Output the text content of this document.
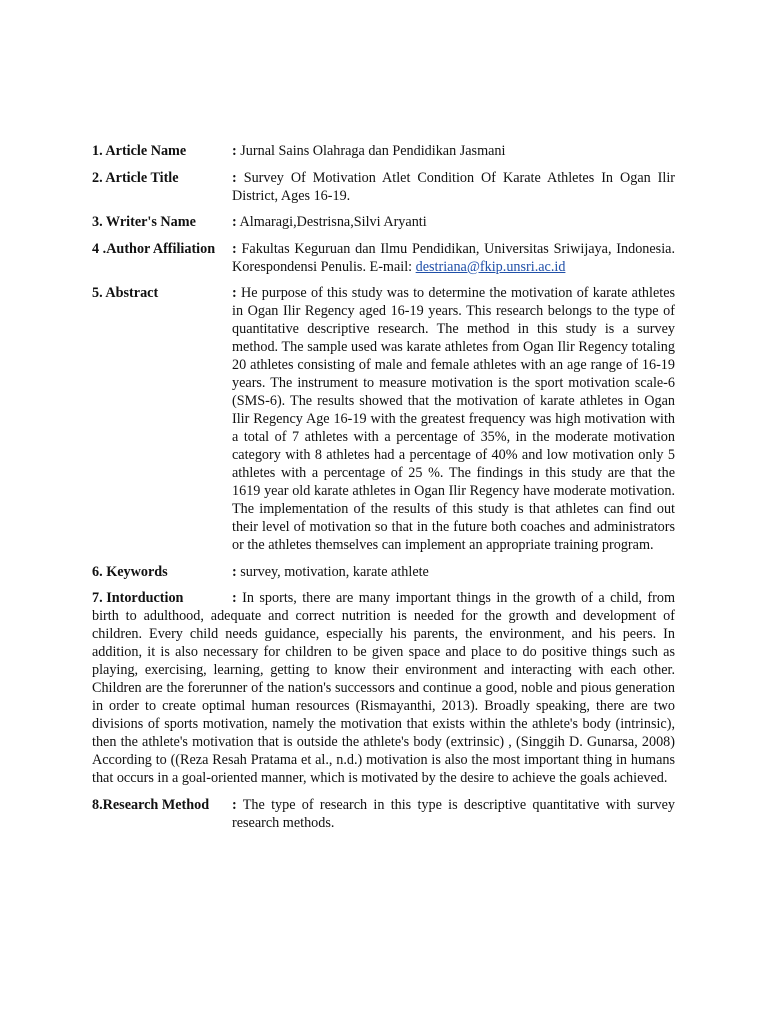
1. Article Name	: Jurnal Sains Olahraga dan Pendidikan Jasmani
2. Article Title	: Survey Of Motivation Atlet Condition Of Karate Athletes In Ogan Ilir District, Ages 16-19.
3. Writer's Name	: Almaragi,Destrisna,Silvi Aryanti
4 .Author Affiliation	: Fakultas Keguruan dan Ilmu Pendidikan, Universitas Sriwijaya, Indonesia. Korespondensi Penulis. E-mail: destriana@fkip.unsri.ac.id
5. Abstract	: He purpose of this study was to determine the motivation of karate athletes in Ogan Ilir Regency aged 16-19 years. This research belongs to the type of quantitative descriptive research. The method in this study is a survey method. The sample used was karate athletes from Ogan Ilir Regency totaling 20 athletes consisting of male and female athletes with an age range of 16-19 years. The instrument to measure motivation is the sport motivation scale-6 (SMS-6). The results showed that the motivation of karate athletes in Ogan Ilir Regency Age 16-19 with the greatest frequency was high motivation with a total of 7 athletes with a percentage of 35%, in the moderate motivation category with 8 athletes had a percentage of 40% and low motivation only 5 athletes with a percentage of 25 %. The findings in this study are that the 1619 year old karate athletes in Ogan Ilir Regency have moderate motivation. The implementation of the results of this study is that athletes can find out their level of motivation so that in the future both coaches and administrators or the athletes themselves can implement an appropriate training program.
6. Keywords	: survey, motivation, karate athlete
7. Intorduction	: In sports, there are many important things in the growth of a child, from birth to adulthood, adequate and correct nutrition is needed for the growth and development of children. Every child needs guidance, especially his parents, the environment, and his peers. In addition, it is also necessary for children to be given space and place to do positive things such as playing, exercising, learning, getting to know their environment and interacting with each other. Children are the forerunner of the nation's successors and continue a good, noble and pious generation in order to create optimal human resources (Rismayanthi, 2013). Broadly speaking, there are two divisions of sports motivation, namely the motivation that exists within the athlete's body (intrinsic), then the athlete's motivation that is outside the athlete's body (extrinsic) , (Singgih D. Gunarsa, 2008) According to ((Reza Resah Pratama et al., n.d.) motivation is also the most important thing in humans that occurs in a goal-oriented manner, which is motivated by the desire to achieve the goals achieved.
8.Research Method	: The type of research in this type is descriptive quantitative with survey research methods.
